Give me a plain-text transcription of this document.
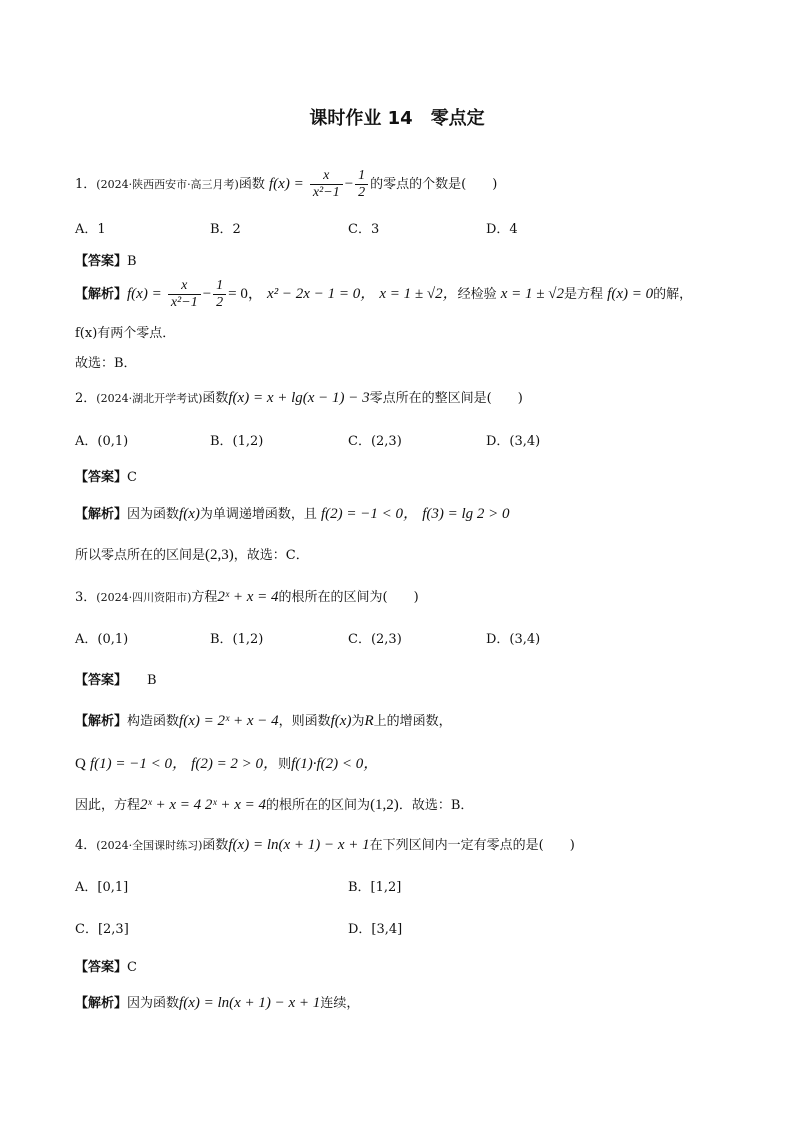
课时作业 14　零点定
1．(2024·陕西西安市·高三月考)函数 $f(x) = \frac{x}{\text{x²−1}} - \frac{1}{2}$ 的零点的个数是(　　)
A．1	B．2	C．3	D．4
【答案】B
【解析】$f(x) = \frac{x}{\text{x²−1}} - \frac{1}{2} = 0$， x² − 2x − 1 = 0， x = 1 ± √2，经检验 x = 1 ± √2是方程 f(x) = 0的解，
f(x)有两个零点．
故选：B．
2．(2024·湖北开学考试)函数f(x) = x + lg(x − 1) − 3零点所在的整区间是(　　)
A．(0,1)	B．(1,2)	C．(2,3)	D．(3,4)
【答案】C
【解析】因为函数f(x)为单调递增函数，且 f(2) = −1 < 0， f(3) = lg 2 > 0
所以零点所在的区间是(2,3)，故选：C．
3．(2024·四川资阳市)方程2ˣ + x = 4的根所在的区间为(　　)
A．(0,1)	B．(1,2)	C．(2,3)	D．(3,4)
【答案】 B
【解析】构造函数f(x) = 2ˣ + x − 4，则函数f(x)为R上的增函数，
Q f(1) = −1 < 0， f(2) = 2 > 0，则f(1)·f(2) < 0，
因此，方程2ˣ + x = 4 2ˣ + x = 4的根所在的区间为(1,2)．故选：B．
4．(2024·全国课时练习)函数f(x) = ln(x + 1) − x + 1在下列区间内一定有零点的是(　　)
A．[0,1]	B．[1,2]
C．[2,3]	D．[3,4]
【答案】C
【解析】因为函数f(x) = ln(x + 1) − x + 1连续，
